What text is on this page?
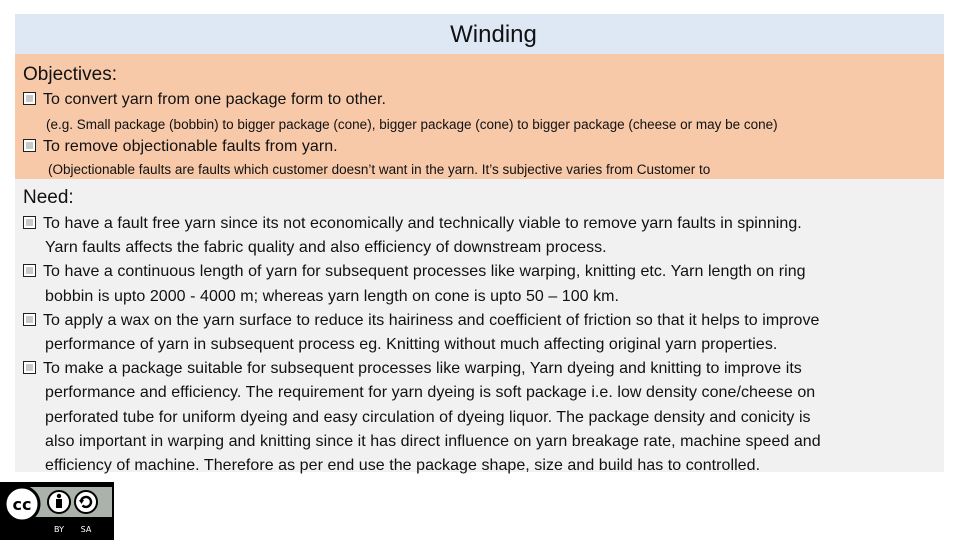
Winding
Objectives:
To convert yarn from one package form to other.
(e.g. Small package (bobbin) to bigger package (cone), bigger package (cone) to bigger package (cheese or may be cone)
To remove objectionable faults from yarn.
(Objectionable faults are faults which customer doesn’t want in the yarn. It’s subjective varies from Customer to
Need:
To have a fault free yarn since its not economically and technically viable to remove yarn faults in spinning.
Yarn faults affects the fabric quality and also efficiency of downstream process.
To have a continuous length of yarn for subsequent processes like warping, knitting etc. Yarn length on ring
bobbin is upto 2000 - 4000 m; whereas yarn length on cone is upto 50 – 100 km.
To apply a wax on the yarn surface to reduce its hairiness and coefficient of friction so that it helps to improve
performance of yarn in subsequent process eg. Knitting without much affecting original yarn properties.
To make a package suitable for subsequent processes like warping, Yarn dyeing and knitting to improve its
performance and efficiency. The requirement for yarn dyeing is soft package i.e. low density cone/cheese on
perforated tube for uniform dyeing and easy circulation of dyeing liquor. The package density and conicity is
also important in warping and knitting since it has direct influence on yarn breakage rate, machine speed and
efficiency of machine. Therefore as per end use the package shape, size and build has to controlled.
cc
BY SA
